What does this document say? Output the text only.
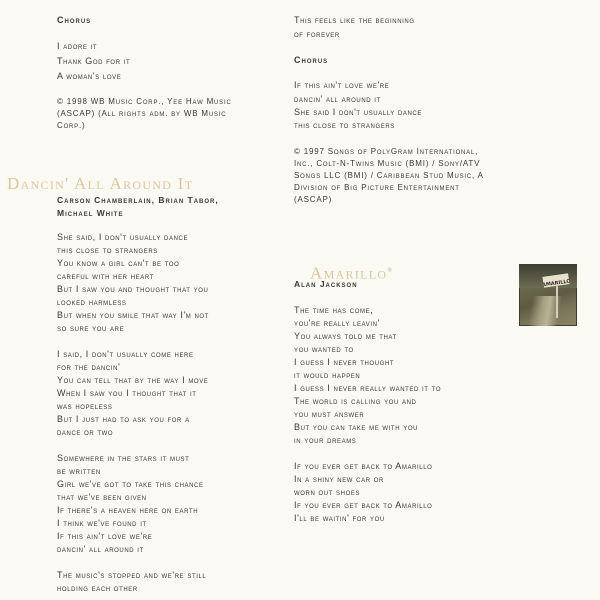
Chorus
I adore it
Thank God for it
A woman's love
© 1998 WB Music Corp., Yee Haw Music
(ASCAP) (All rights adm. by WB Music
Corp.)
Carson Chamberlain, Brian Tabor,
Michael White
She said, I don't usually dance
this close to strangers
You know a girl can't be too
careful with her heart
But I saw you and thought that you
looked harmless
But when you smile that way I'm not
so sure you are
I said, I don't usually come here
for the dancin'
You can tell that by the way I move
When I saw you I thought that it
was hopeless
But I just had to ask you for a
dance or two
Somewhere in the stars it must
be written
Girl we've got to take this chance
that we've been given
If there's a heaven here on earth
I think we've found it
If this ain't love we're
dancin' all around it
The music's stopped and we're still
holding each other
Dancin' All Around It
This feels like the beginning
of forever
Chorus
If this ain't love we're
dancin' all around it
She said I don't usually dance
this close to strangers
© 1997 Songs of PolyGram International,
Inc., Colt-N-Twins Music (BMI) / Sony/ATV
Songs LLC (BMI) / Caribbean Stud Music, A
Division of Big Picture Entertainment
(ASCAP)
Alan Jackson
The time has come,
you're really leavin'
You always told me that
you wanted to
I guess I never thought
it would happen
I guess I never really wanted it to
The world is calling you and
you must answer
But you can take me with you
in your dreams
If you ever get back to Amarillo
In a shiny new car or
worn out shoes
If you ever get back to Amarillo
I'll be waitin' for you
Amarillo®
AMARILLO
